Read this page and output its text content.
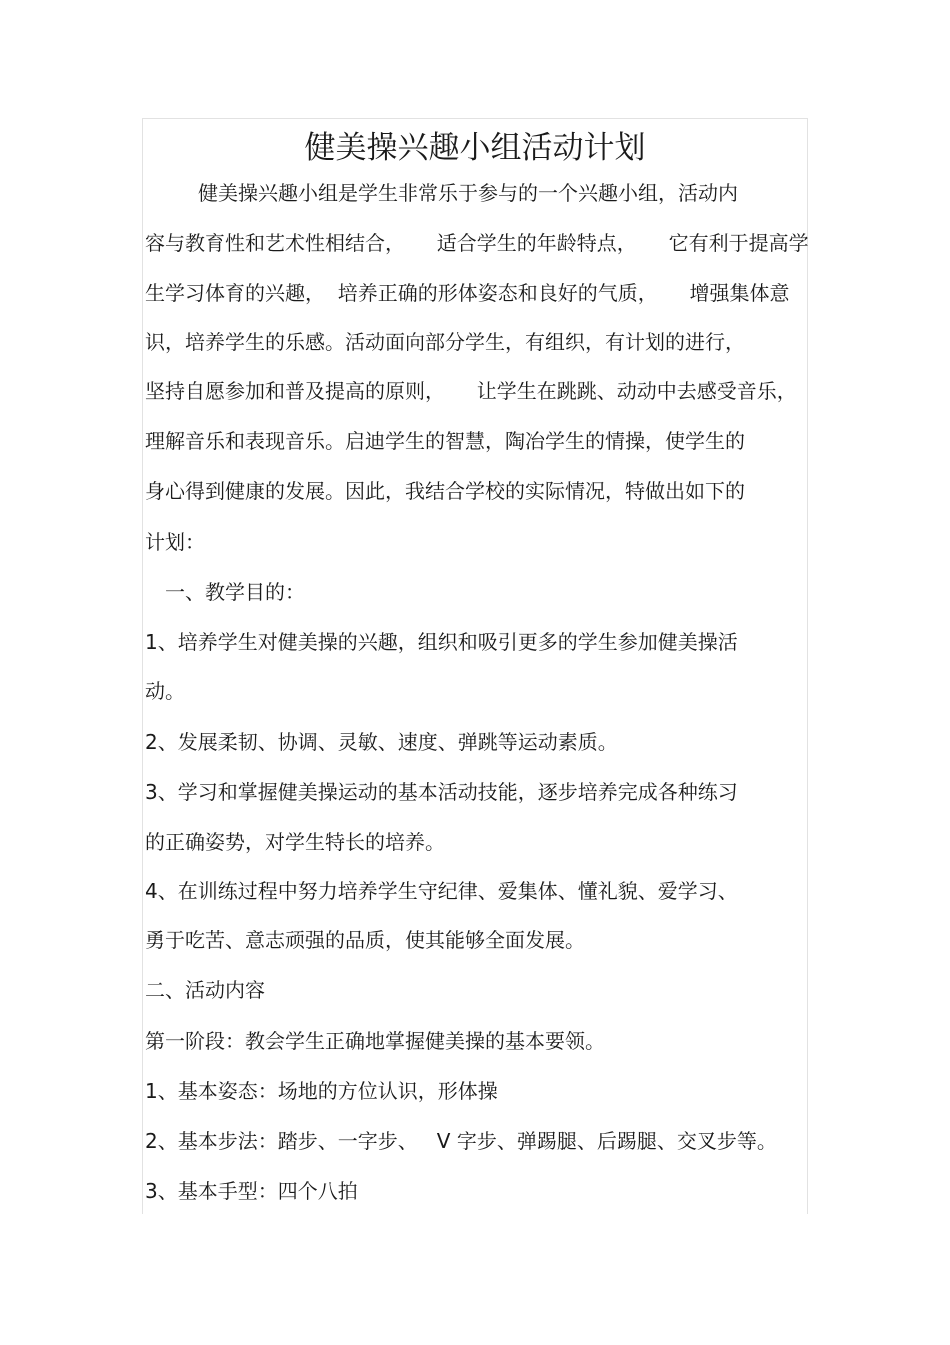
健美操兴趣小组活动计划
健美操兴趣小组是学生非常乐于参与的一个兴趣小组，活动内
容与教育性和艺术性相结合，     适合学生的年龄特点，     它有利于提高学
生学习体育的兴趣，  培养正确的形体姿态和良好的气质，     增强集体意
识，培养学生的乐感。活动面向部分学生，有组织，有计划的进行，
坚持自愿参加和普及提高的原则，     让学生在跳跳、动动中去感受音乐，
理解音乐和表现音乐。启迪学生的智慧，陶冶学生的情操，使学生的
身心得到健康的发展。因此，我结合学校的实际情况，特做出如下的
计划：
一、教学目的：
1、培养学生对健美操的兴趣，组织和吸引更多的学生参加健美操活
动。
2、发展柔韧、协调、灵敏、速度、弹跳等运动素质。
3、学习和掌握健美操运动的基本活动技能，逐步培养完成各种练习
的正确姿势，对学生特长的培养。
4、在训练过程中努力培养学生守纪律、爱集体、懂礼貌、爱学习、
勇于吃苦、意志顽强的品质，使其能够全面发展。
二、活动内容
第一阶段：教会学生正确地掌握健美操的基本要领。
1、基本姿态：场地的方位认识，形体操
2、基本步法：踏步、一字步、   V 字步、弹踢腿、后踢腿、交叉步等。
3、基本手型：四个八拍
